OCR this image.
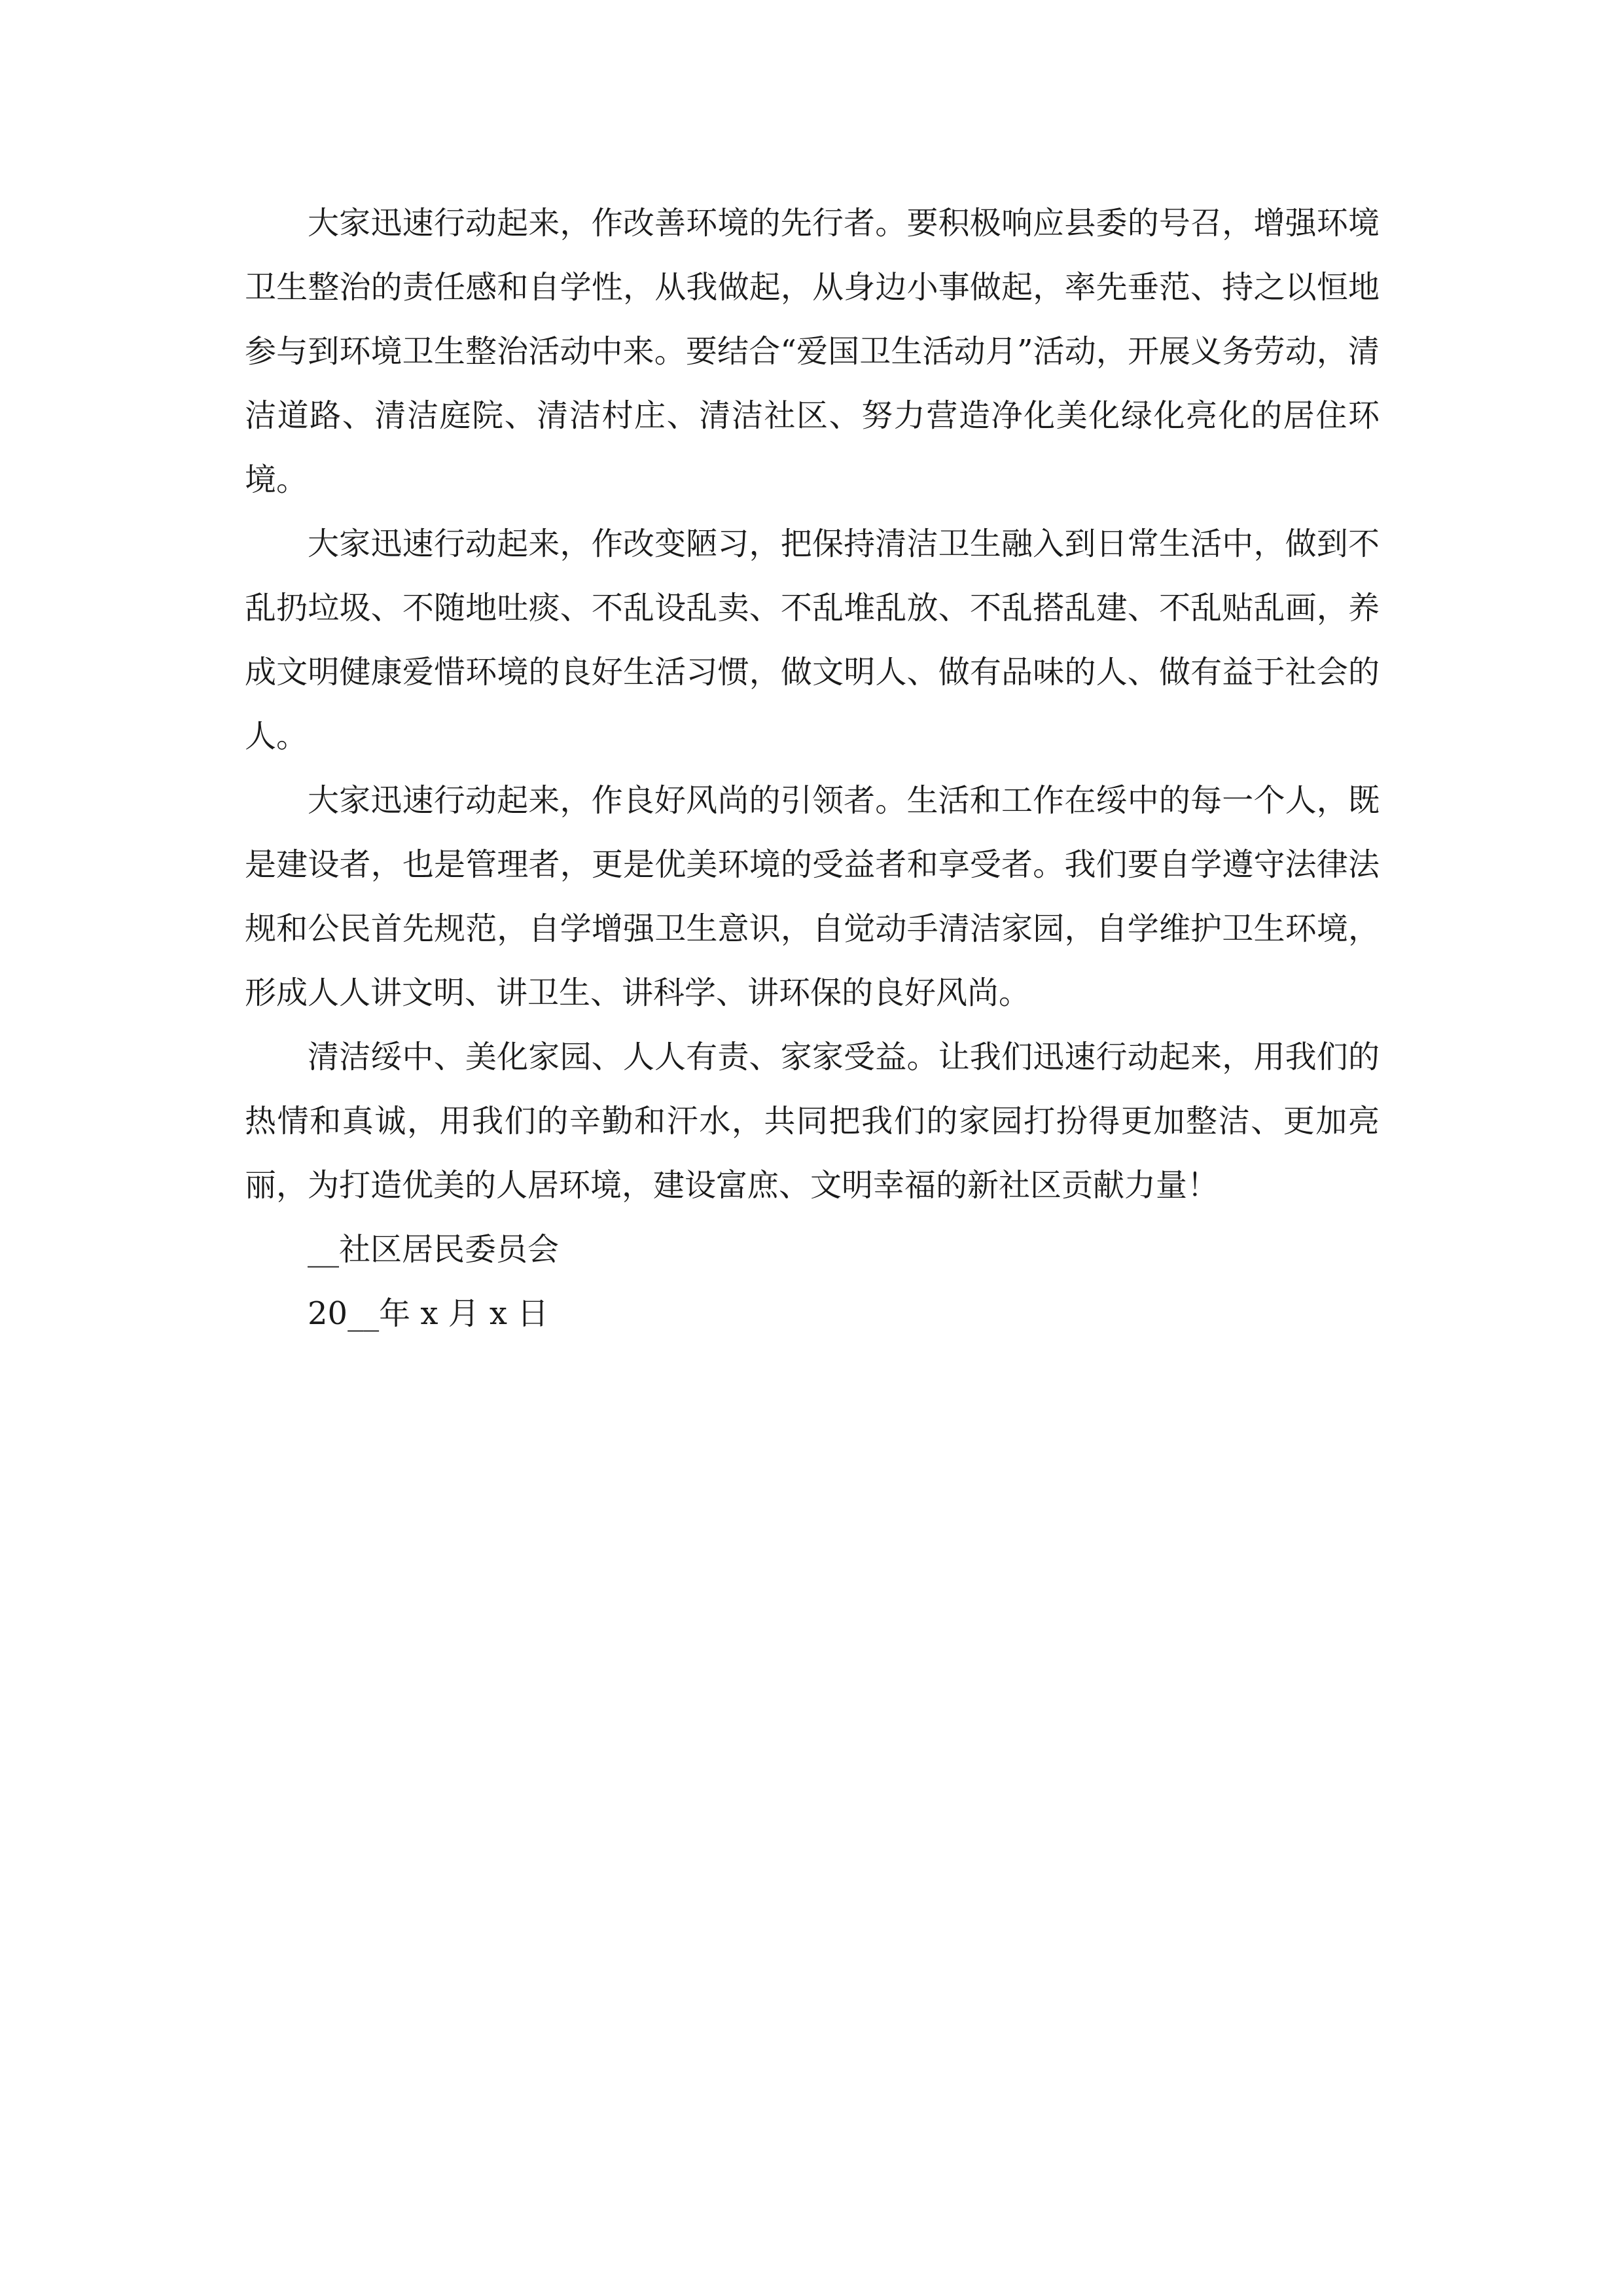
大家迅速行动起来，作改善环境的先行者。要积极响应县委的号召，增强环境卫生整治的责任感和自学性，从我做起，从身边小事做起，率先垂范、持之以恒地参与到环境卫生整治活动中来。要结合“爱国卫生活动月”活动，开展义务劳动，清洁道路、清洁庭院、清洁村庄、清洁社区、努力营造净化美化绿化亮化的居住环境。

大家迅速行动起来，作改变陋习，把保持清洁卫生融入到日常生活中，做到不乱扔垃圾、不随地吐痰、不乱设乱卖、不乱堆乱放、不乱搭乱建、不乱贴乱画，养成文明健康爱惜环境的良好生活习惯，做文明人、做有品味的人、做有益于社会的人。

大家迅速行动起来，作良好风尚的引领者。生活和工作在绥中的每一个人，既是建设者，也是管理者，更是优美环境的受益者和享受者。我们要自学遵守法律法规和公民首先规范，自学增强卫生意识，自觉动手清洁家园，自学维护卫生环境，形成人人讲文明、讲卫生、讲科学、讲环保的良好风尚。

清洁绥中、美化家园、人人有责、家家受益。让我们迅速行动起来，用我们的热情和真诚，用我们的辛勤和汗水，共同把我们的家园打扮得更加整洁、更加亮丽，为打造优美的人居环境，建设富庶、文明幸福的新社区贡献力量！

__社区居民委员会

20__年 x 月 x 日
